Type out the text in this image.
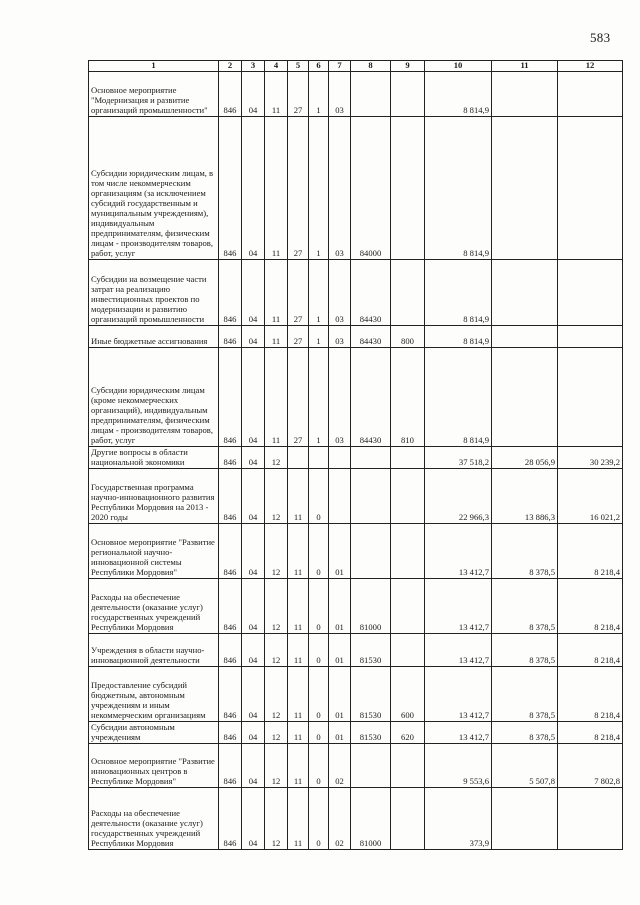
583
1	2	3	4	5	6	7	8	9	10	11	12
Основное мероприятие "Модернизация и развитие организаций промышленности"	846	04	11	27	1	03			8 814,9		
Субсидии юридическим лицам, в том числе некоммерческим организациям (за исключением субсидий государственным и муниципальным учреждениям), индивидуальным предпринимателям, физическим лицам - производителям товаров, работ, услуг	846	04	11	27	1	03	84000		8 814,9		
Субсидии на возмещение части затрат на реализацию инвестиционных проектов по модернизации и развитию организаций промышленности	846	04	11	27	1	03	84430		8 814,9		
Иные бюджетные ассигнования	846	04	11	27	1	03	84430	800	8 814,9		
Субсидии юридическим лицам (кроме некоммерческих организаций), индивидуальным предпринимателям, физическим лицам - производителям товаров, работ, услуг	846	04	11	27	1	03	84430	810	8 814,9		
Другие вопросы в области национальной экономики	846	04	12						37 518,2	28 056,9	30 239,2
Государственная программа научно-инновационного развития Республики Мордовия на 2013 - 2020 годы	846	04	12	11	0				22 966,3	13 886,3	16 021,2
Основное мероприятие "Развитие региональной научно-инновационной системы Республики Мордовия"	846	04	12	11	0	01			13 412,7	8 378,5	8 218,4
Расходы на обеспечение деятельности (оказание услуг) государственных учреждений Республики Мордовия	846	04	12	11	0	01	81000		13 412,7	8 378,5	8 218,4
Учреждения в области научно-инновационной деятельности	846	04	12	11	0	01	81530		13 412,7	8 378,5	8 218,4
Предоставление субсидий бюджетным, автономным учреждениям и иным некоммерческим организациям	846	04	12	11	0	01	81530	600	13 412,7	8 378,5	8 218,4
Субсидии автономным учреждениям	846	04	12	11	0	01	81530	620	13 412,7	8 378,5	8 218,4
Основное мероприятие "Развитие инновационных центров в Республике Мордовия"	846	04	12	11	0	02			9 553,6	5 507,8	7 802,8
Расходы на обеспечение деятельности (оказание услуг) государственных учреждений Республики Мордовия	846	04	12	11	0	02	81000		373,9		
